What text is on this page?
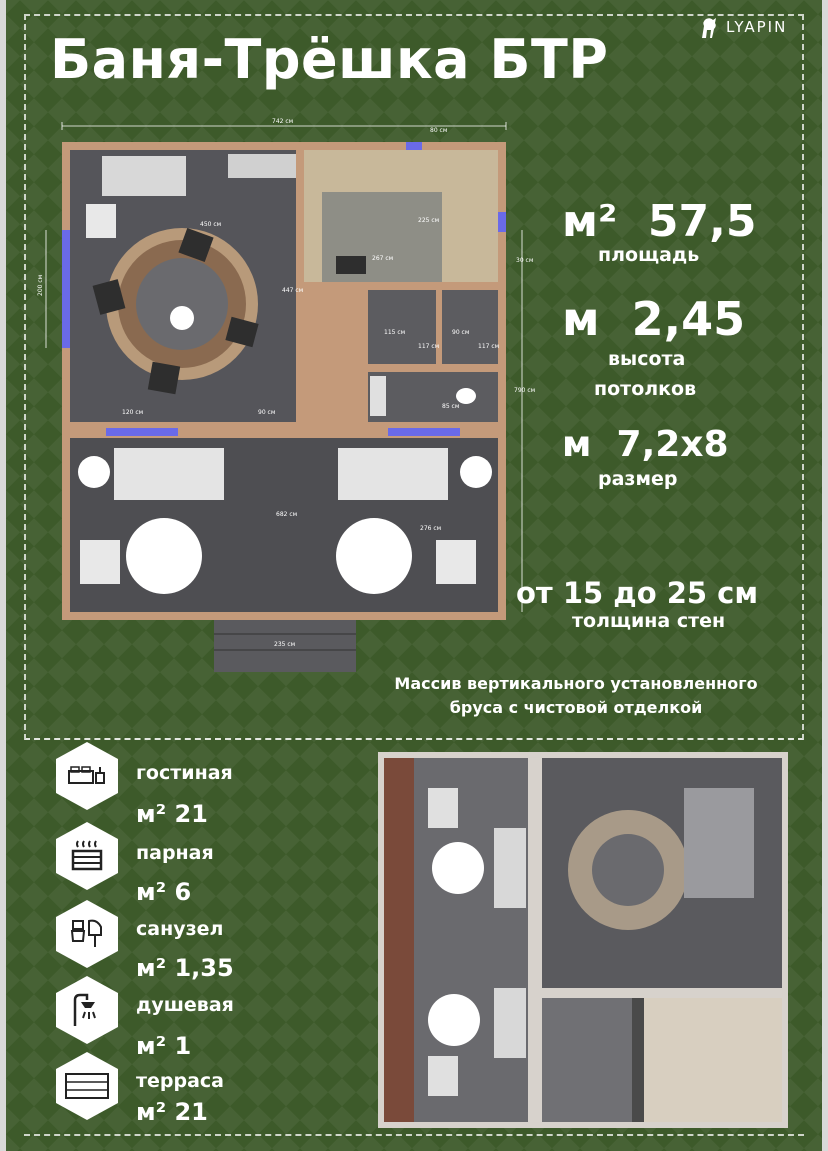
Баня-Трёшка БТР
LYAPIN
742 см
80 см
450 см
447 см
200 см
120 см	90 см
225 см
267 см	30 см
115 см
117 см
90 см
117 см
85 см
790 см
682 см
276 см
235 см
м² 57,5
площадь
м 2,45
высота
потолков
м 7,2х8
размер
от 15 до 25 см
толщина стен
Массив вертикального установленного
бруса с чистовой отделкой
гостиная
м² 21
парная
м² 6
санузел
м² 1,35
душевая
м² 1
терраса
м² 21
